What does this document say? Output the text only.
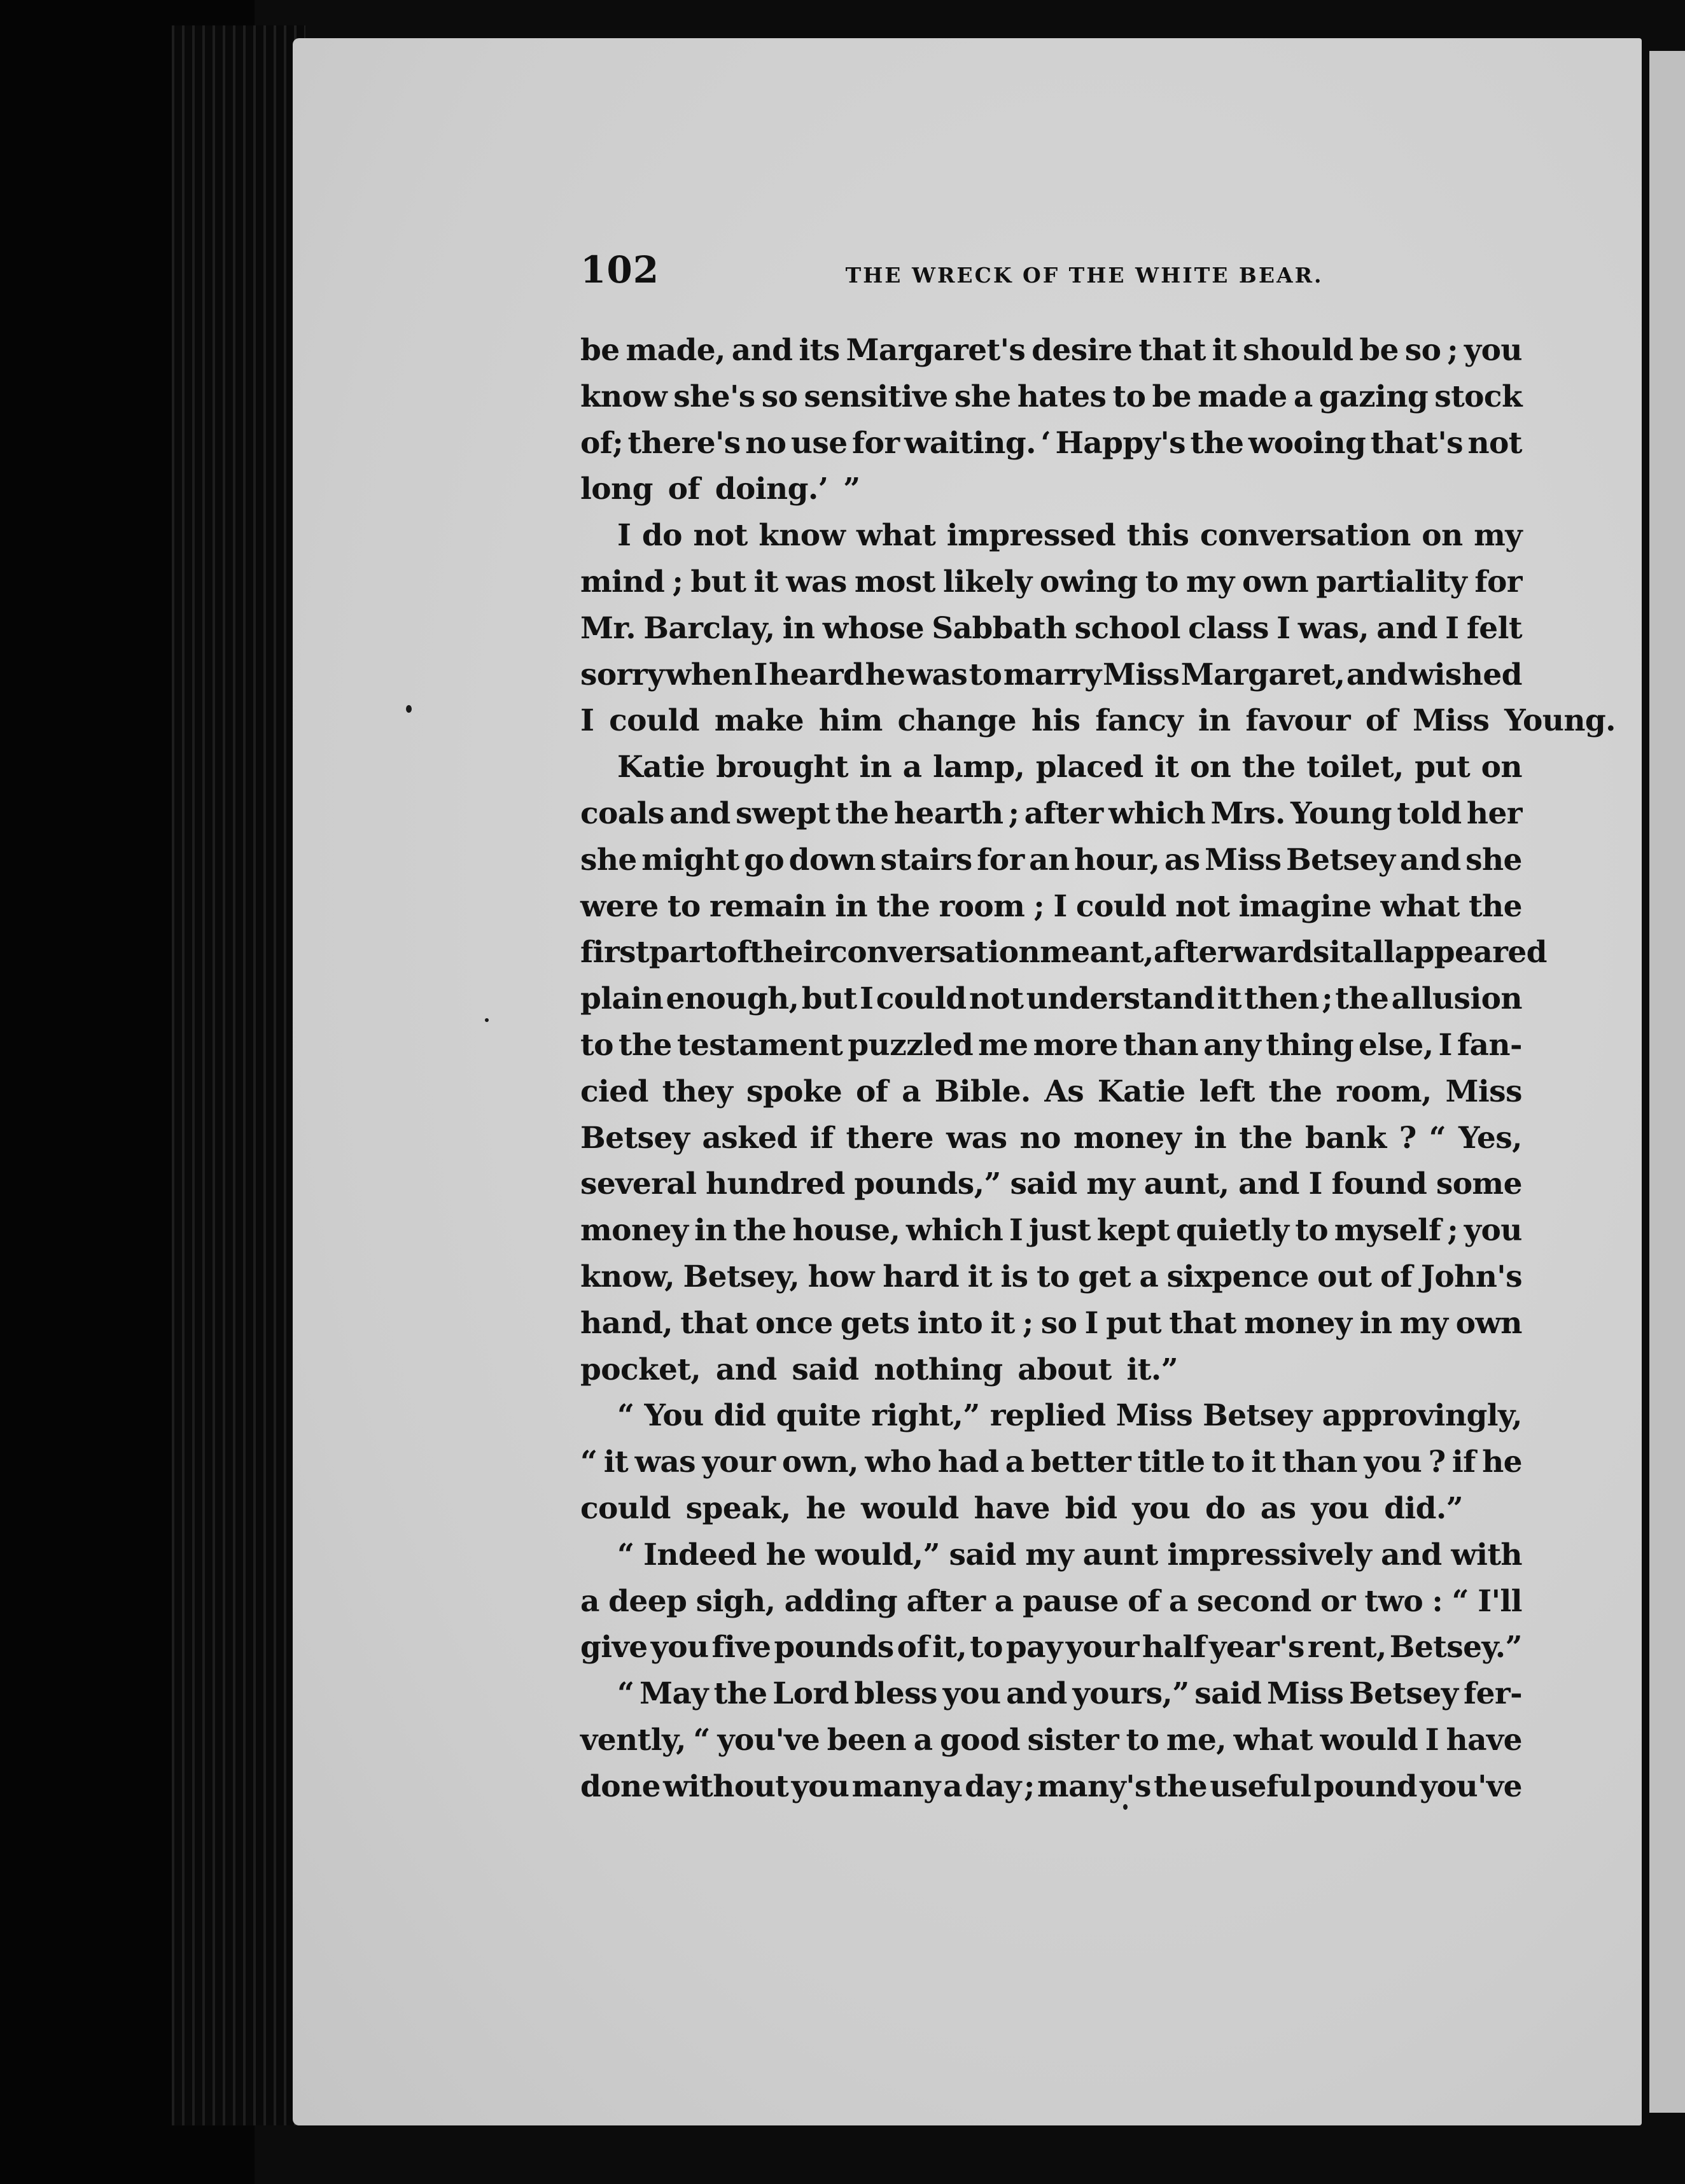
102	THE WRECK OF THE WHITE BEAR.
be made, and its Margaret's desire that it should be so ; you
know she's so sensitive she hates to be made a gazing stock
of; there's no use for waiting. ‘ Happy's the wooing that's not
long of doing.’ ”
I do not know what impressed this conversation on my
mind ; but it was most likely owing to my own partiality for
Mr. Barclay, in whose Sabbath school class I was, and I felt
sorry when I heard he was to marry Miss Margaret, and wished
I could make him change his fancy in favour of Miss Young.
Katie brought in a lamp, placed it on the toilet, put on
coals and swept the hearth ; after which Mrs. Young told her
she might go down stairs for an hour, as Miss Betsey and she
were to remain in the room ; I could not imagine what the
first part of their conversation meant, afterwards it all appeared
plain enough, but I could not understand it then ; the allusion
to the testament puzzled me more than any thing else, I fan-
cied they spoke of a Bible. As Katie left the room, Miss
Betsey asked if there was no money in the bank ? “ Yes,
several hundred pounds,” said my aunt, and I found some
money in the house, which I just kept quietly to myself ; you
know, Betsey, how hard it is to get a sixpence out of John's
hand, that once gets into it ; so I put that money in my own
pocket, and said nothing about it.”
“ You did quite right,” replied Miss Betsey approvingly,
“ it was your own, who had a better title to it than you ? if he
could speak, he would have bid you do as you did.”
“ Indeed he would,” said my aunt impressively and with
a deep sigh, adding after a pause of a second or two : “ I'll
give you five pounds of it, to pay your half year's rent, Betsey.”
“ May the Lord bless you and yours,” said Miss Betsey fer-
vently, “ you've been a good sister to me, what would I have
done without you many a day ; many's the useful pound you've
